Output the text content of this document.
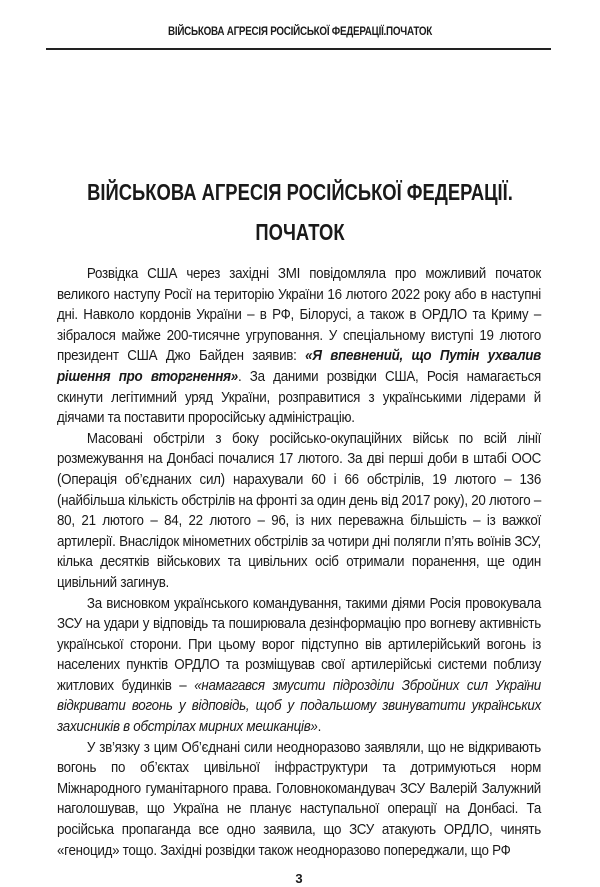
ВІЙСЬКОВА АГРЕСІЯ РОСІЙСЬКОЇ ФЕДЕРАЦІЇ.ПОЧАТОК
ВІЙСЬКОВА АГРЕСІЯ РОСІЙСЬКОЇ ФЕДЕРАЦІЇ.
ПОЧАТОК

Розвідка США через західні ЗМІ повідомляла про можливий початок великого наступу Росії на територію України 16 лютого 2022 року або в наступні дні. Навколо кордонів України – в РФ, Білорусі, а також в ОРДЛО та Криму – зібралося майже 200-тисячне угруповання. У спеціальному виступі 19 лютого президент США Джо Байден заявив: «Я впевнений, що Путін ухвалив рішення про вторгнення». За даними розвідки США, Росія намагається скинути легітимний уряд України, розправитися з українськими лідерами й діячами та поставити проросійську адміністрацію.

Масовані обстріли з боку російсько-окупаційних військ по всій лінії розмежування на Донбасі почалися 17 лютого. За дві перші доби в штабі ООС (Операція об’єднаних сил) нарахували 60 і 66 обстрілів, 19 лютого – 136 (найбільша кількість обстрілів на фронті за один день від 2017 року), 20 лютого – 80, 21 лютого – 84, 22 лютого – 96, із них переважна більшість – із важкої артилерії. Внаслідок мінометних обстрілів за чотири дні полягли п’ять воїнів ЗСУ, кілька десятків військових та цивільних осіб отримали поранення, ще один цивільний загинув.

За висновком українського командування, такими діями Росія провокувала ЗСУ на удари у відповідь та поширювала дезінформацію про вогневу активність української сторони. При цьому ворог підступно вів артилерійський вогонь із населених пунктів ОРДЛО та розміщував свої артилерійські системи поблизу житлових будинків – «намагався змусити підрозділи Збройних сил України відкривати вогонь у відповідь, щоб у подальшому звинуватити українських захисників в обстрілах мирних мешканців».

У зв’язку з цим Об’єднані сили неодноразово заявляли, що не відкривають вогонь по об’єктах цивільної інфраструктури та дотримуються норм Міжнародного гуманітарного права. Головнокомандувач ЗСУ Валерій Залужний наголошував, що Україна не планує наступальної операції на Донбасі. Та російська пропаганда все одно заявила, що ЗСУ атакують ОРДЛО, чинять «геноцид» тощо. Західні розвідки також неодноразово попереджали, що РФ

3
